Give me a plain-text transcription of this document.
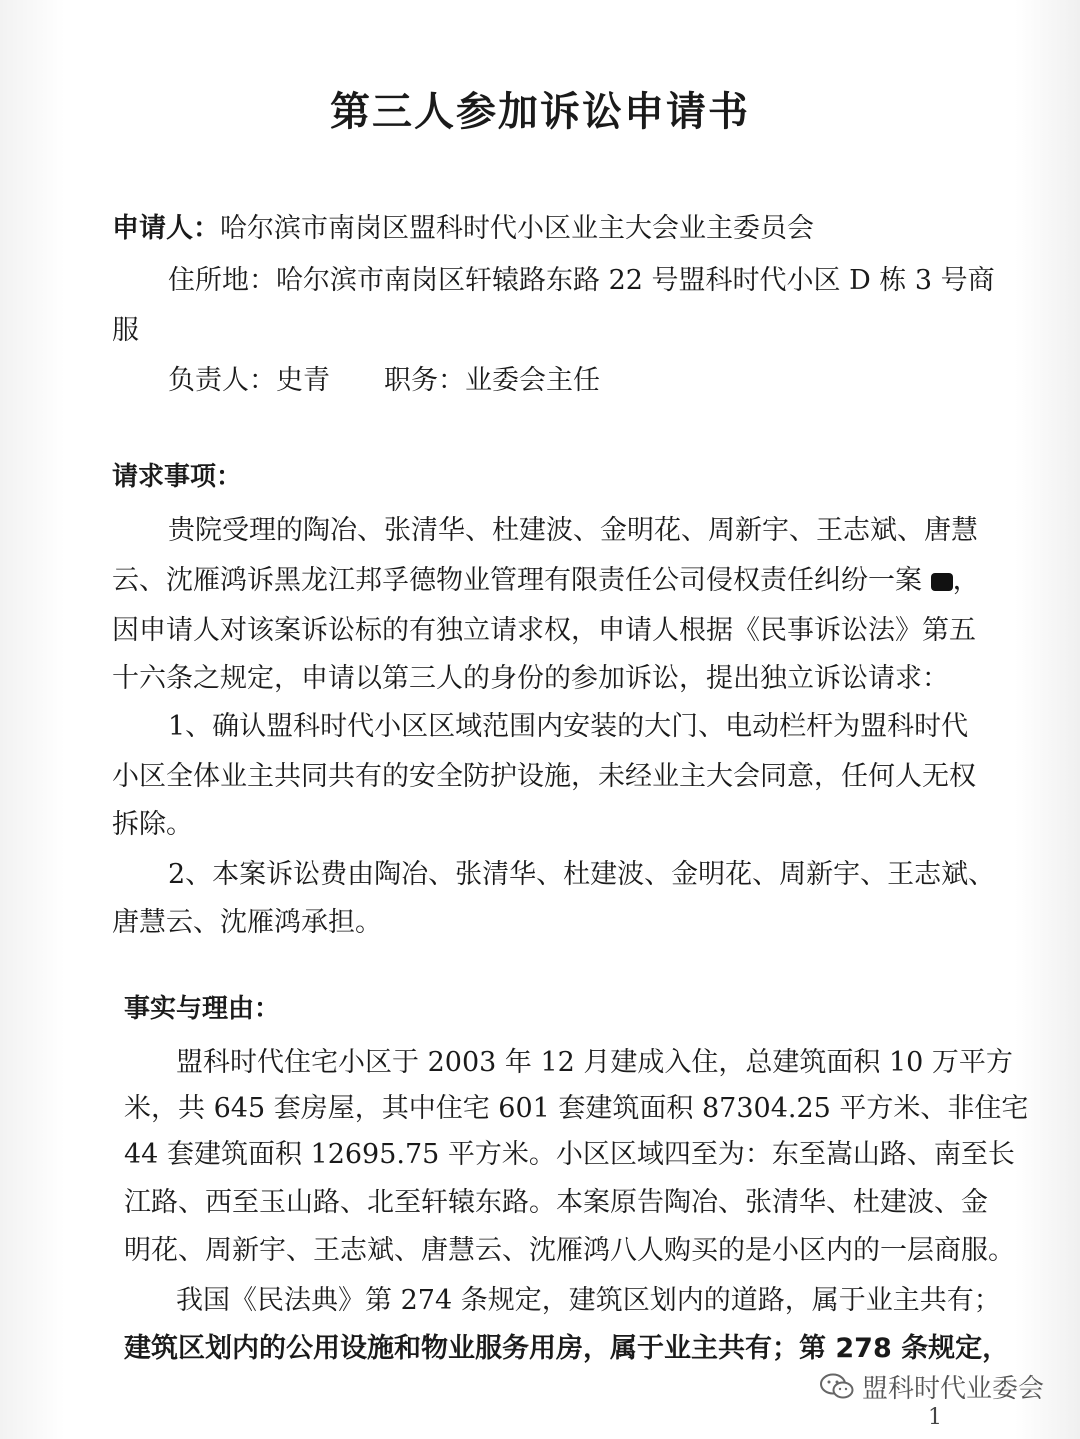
第三人参加诉讼申请书
申请人：哈尔滨市南岗区盟科时代小区业主大会业主委员会
住所地：哈尔滨市南岗区轩辕路东路 22 号盟科时代小区 D 栋 3 号商
服
负责人：史青　　职务：业委会主任
请求事项：
贵院受理的陶冶、张清华、杜建波、金明花、周新宇、王志斌、唐慧
云、沈雁鸿诉黑龙江邦孚德物业管理有限责任公司侵权责任纠纷一案 ，
因申请人对该案诉讼标的有独立请求权，申请人根据《民事诉讼法》第五
十六条之规定，申请以第三人的身份的参加诉讼，提出独立诉讼请求：
1、确认盟科时代小区区域范围内安装的大门、电动栏杆为盟科时代
小区全体业主共同共有的安全防护设施，未经业主大会同意，任何人无权
拆除。
2、本案诉讼费由陶冶、张清华、杜建波、金明花、周新宇、王志斌、
唐慧云、沈雁鸿承担。
事实与理由：
盟科时代住宅小区于 2003 年 12 月建成入住，总建筑面积 10 万平方
米，共 645 套房屋，其中住宅 601 套建筑面积 87304.25 平方米、非住宅
44 套建筑面积 12695.75 平方米。小区区域四至为：东至嵩山路、南至长
江路、西至玉山路、北至轩辕东路。本案原告陶冶、张清华、杜建波、金
明花、周新宇、王志斌、唐慧云、沈雁鸿八人购买的是小区内的一层商服。
我国《民法典》第 274 条规定，建筑区划内的道路，属于业主共有；
建筑区划内的公用设施和物业服务用房，属于业主共有；第 278 条规定，
盟科时代业委会
1
